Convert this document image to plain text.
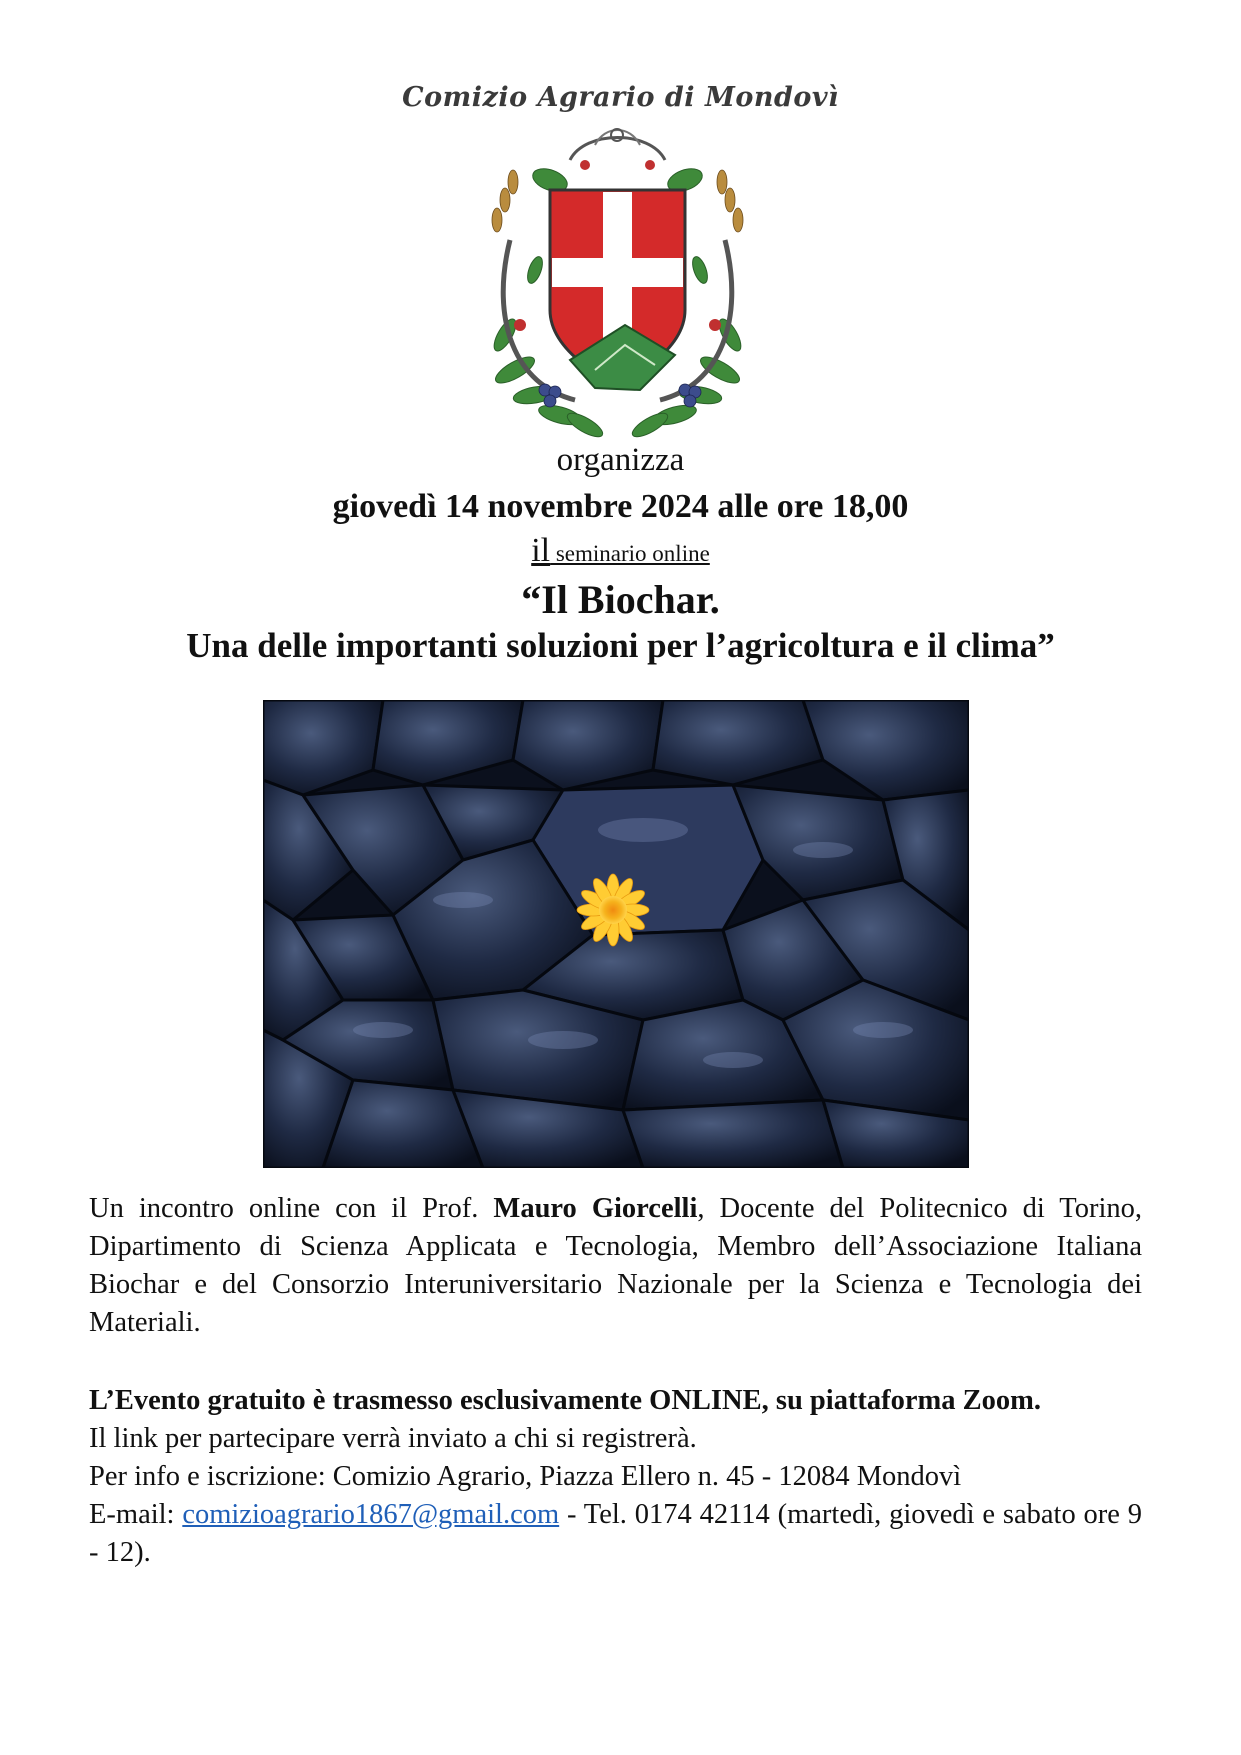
Comizio Agrario di Mondovì
organizza
giovedì 14 novembre 2024 alle ore 18,00
il seminario online
“Il Biochar.
Una delle importanti soluzioni per l’agricoltura e il clima”
Un incontro online con il Prof. Mauro Giorcelli, Docente del Politecnico di Torino, Dipartimento di Scienza Applicata e Tecnologia, Membro dell’Associazione Italiana Biochar e del Consorzio Interuniversitario Nazionale per la Scienza e Tecnologia dei Materiali.
L’Evento gratuito è trasmesso esclusivamente ONLINE, su piattaforma Zoom.
Il link per partecipare verrà inviato a chi si registrerà.
Per info e iscrizione: Comizio Agrario, Piazza Ellero n. 45 - 12084 Mondovì
E-mail: comizioagrario1867@gmail.com - Tel. 0174 42114 (martedì, giovedì e sabato ore 9 - 12).
